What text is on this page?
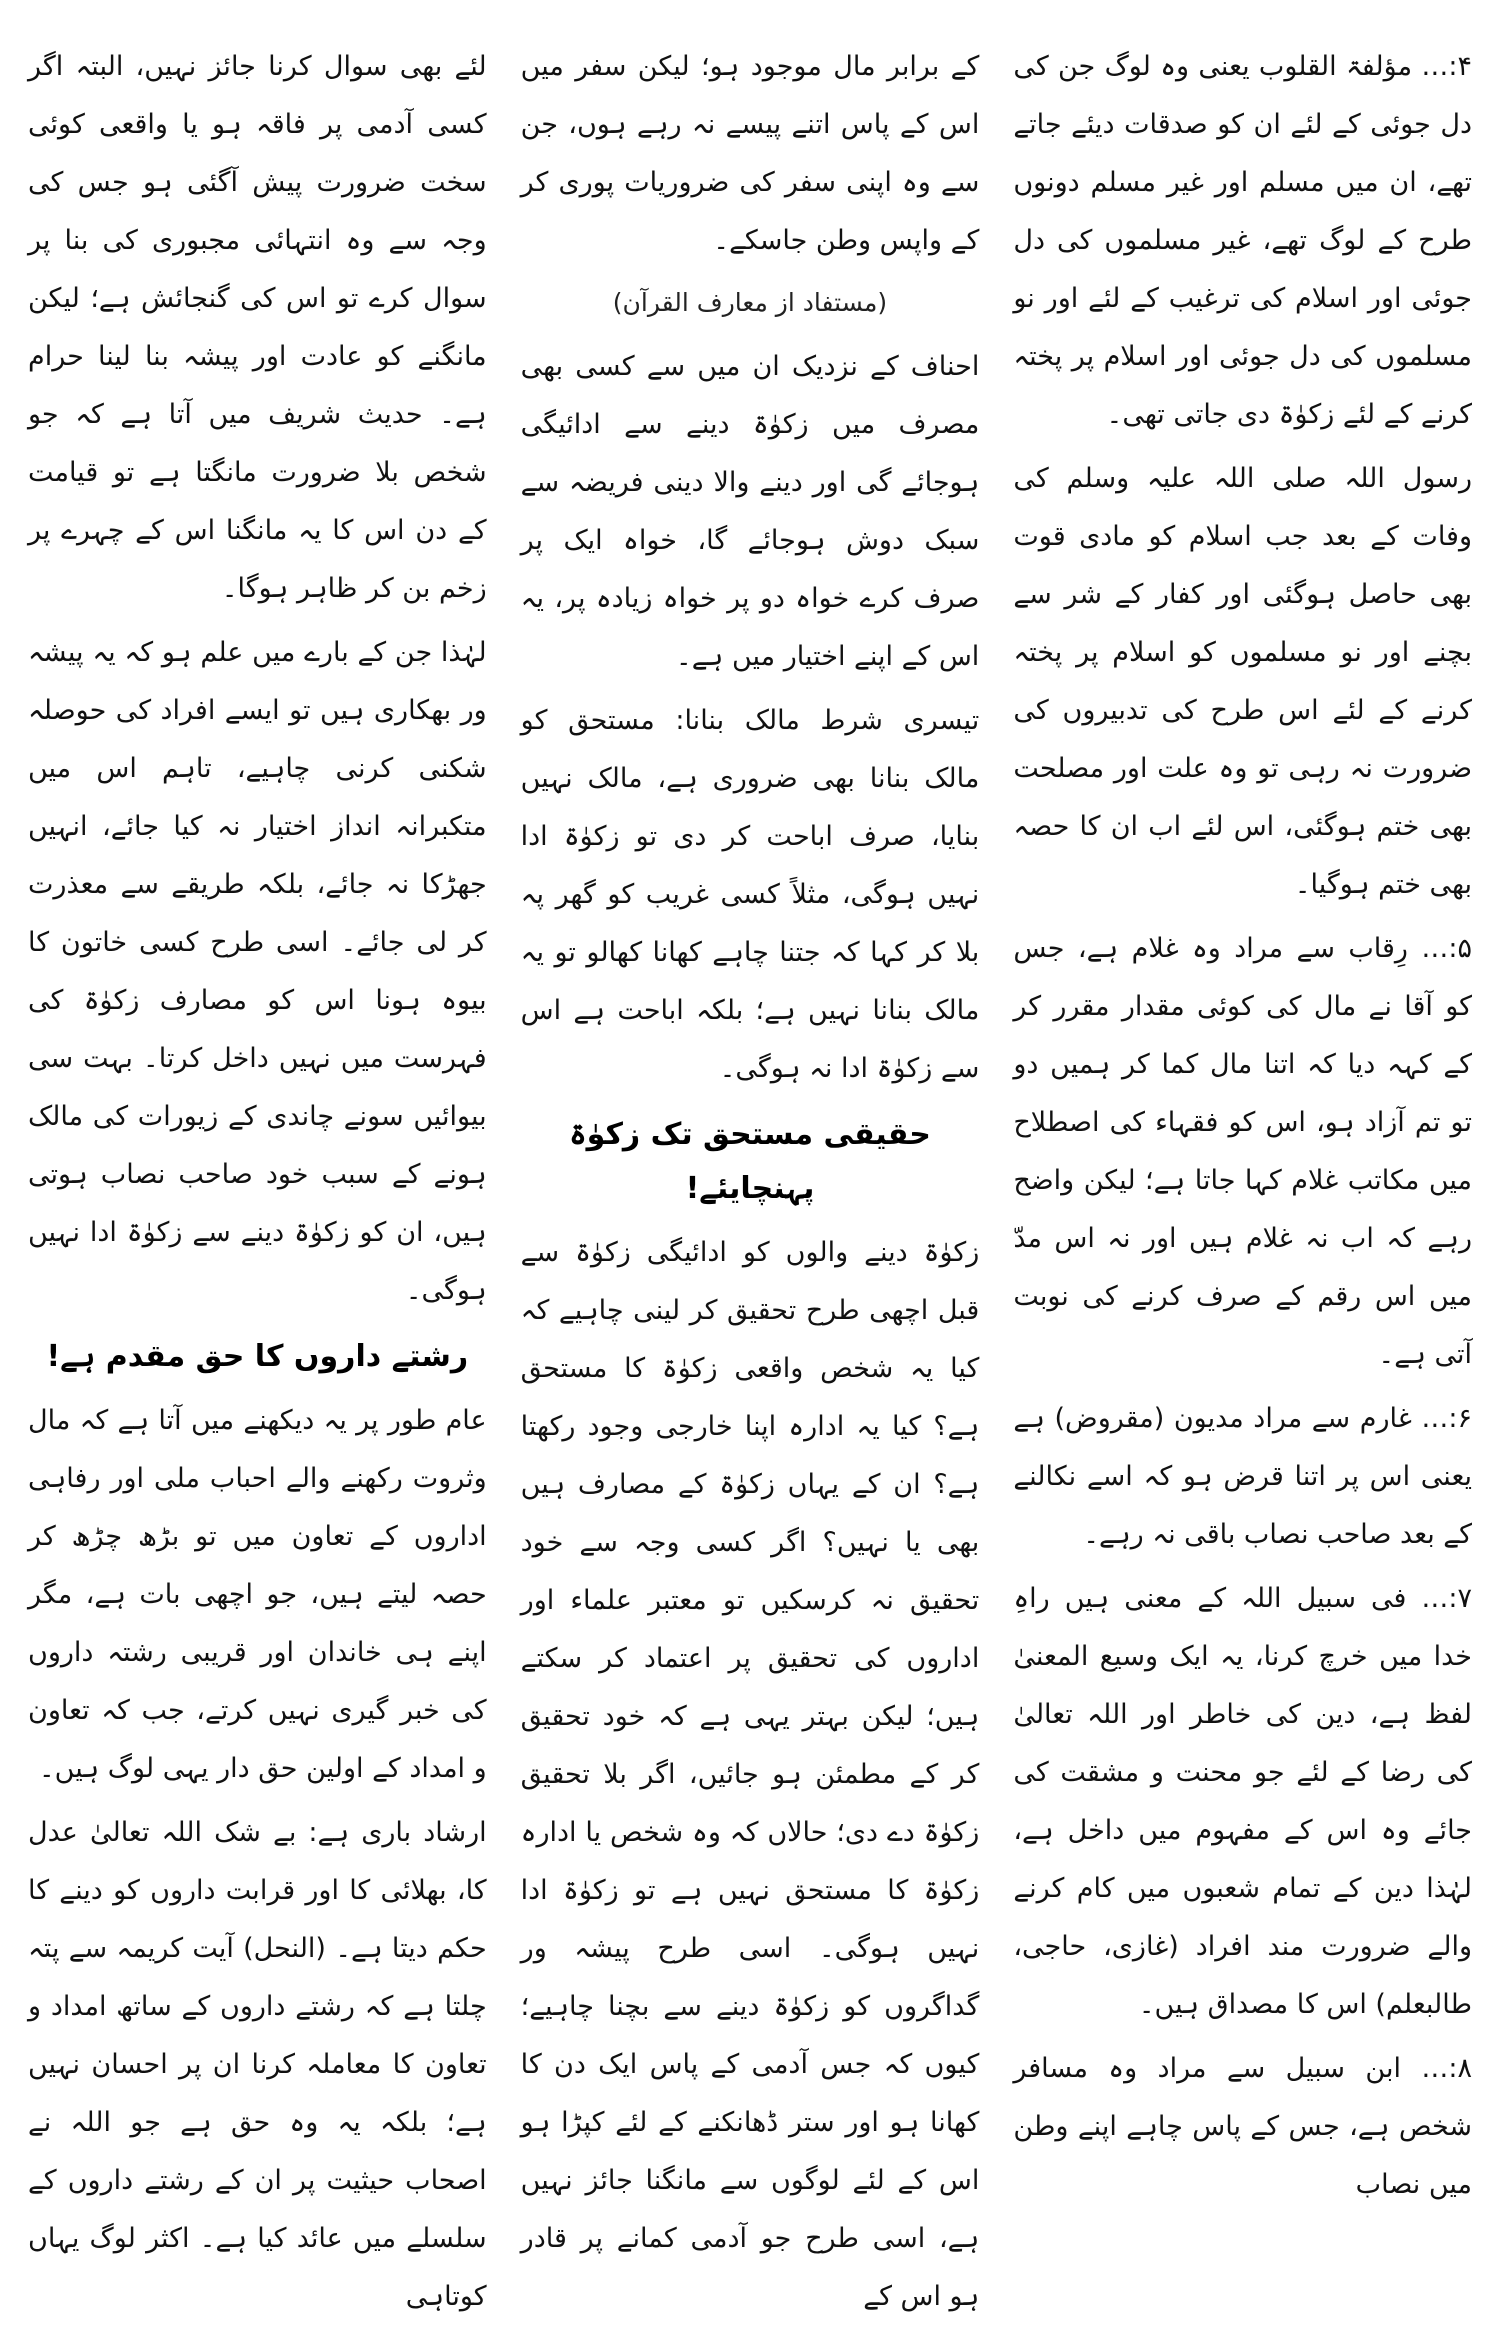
۴:… مؤلفۃ القلوب یعنی وہ لوگ جن کی دل جوئی کے لئے ان کو صدقات دیئے جاتے تھے، ان میں مسلم اور غیر مسلم دونوں طرح کے لوگ تھے، غیر مسلموں کی دل جوئی اور اسلام کی ترغیب کے لئے اور نو مسلموں کی دل جوئی اور اسلام پر پختہ کرنے کے لئے زکوٰۃ دی جاتی تھی۔

رسول اللہ صلی اللہ علیہ وسلم کی وفات کے بعد جب اسلام کو مادی قوت بھی حاصل ہوگئی اور کفار کے شر سے بچنے اور نو مسلموں کو اسلام پر پختہ کرنے کے لئے اس طرح کی تدبیروں کی ضرورت نہ رہی تو وہ علت اور مصلحت بھی ختم ہوگئی، اس لئے اب ان کا حصہ بھی ختم ہوگیا۔

۵:… رِقاب سے مراد وہ غلام ہے، جس کو آقا نے مال کی کوئی مقدار مقرر کر کے کہہ دیا کہ اتنا مال کما کر ہمیں دو تو تم آزاد ہو، اس کو فقہاء کی اصطلاح میں مکاتب غلام کہا جاتا ہے؛ لیکن واضح رہے کہ اب نہ غلام ہیں اور نہ اس مدّ میں اس رقم کے صرف کرنے کی نوبت آتی ہے۔

۶:… غارم سے مراد مدیون (مقروض) ہے یعنی اس پر اتنا قرض ہو کہ اسے نکالنے کے بعد صاحب نصاب باقی نہ رہے۔

۷:… فی سبیل اللہ کے معنی ہیں راہِ خدا میں خرچ کرنا، یہ ایک وسیع المعنیٰ لفظ ہے، دین کی خاطر اور اللہ تعالیٰ کی رضا کے لئے جو محنت و مشقت کی جائے وہ اس کے مفہوم میں داخل ہے، لہٰذا دین کے تمام شعبوں میں کام کرنے والے ضرورت مند افراد (غازی، حاجی، طالبعلم) اس کا مصداق ہیں۔

۸:… ابن سبیل سے مراد وہ مسافر شخص ہے، جس کے پاس چاہے اپنے وطن میں نصاب

کے برابر مال موجود ہو؛ لیکن سفر میں اس کے پاس اتنے پیسے نہ رہے ہوں، جن سے وہ اپنی سفر کی ضروریات پوری کر کے واپس وطن جاسکے۔

(مستفاد از معارف القرآن)

احناف کے نزدیک ان میں سے کسی بھی مصرف میں زکوٰۃ دینے سے ادائیگی ہوجائے گی اور دینے والا دینی فریضہ سے سبک دوش ہوجائے گا، خواہ ایک پر صرف کرے خواہ دو پر خواہ زیادہ پر، یہ اس کے اپنے اختیار میں ہے۔

تیسری شرط مالک بنانا: مستحق کو مالک بنانا بھی ضروری ہے، مالک نہیں بنایا، صرف اباحت کر دی تو زکوٰۃ ادا نہیں ہوگی، مثلاً کسی غریب کو گھر پہ بلا کر کہا کہ جتنا چاہے کھانا کھالو تو یہ مالک بنانا نہیں ہے؛ بلکہ اباحت ہے اس سے زکوٰۃ ادا نہ ہوگی۔

حقیقی مستحق تک زکوٰۃ پہنچایئے!

زکوٰۃ دینے والوں کو ادائیگی زکوٰۃ سے قبل اچھی طرح تحقیق کر لینی چاہیے کہ کیا یہ شخص واقعی زکوٰۃ کا مستحق ہے؟ کیا یہ ادارہ اپنا خارجی وجود رکھتا ہے؟ ان کے یہاں زکوٰۃ کے مصارف ہیں بھی یا نہیں؟ اگر کسی وجہ سے خود تحقیق نہ کرسکیں تو معتبر علماء اور اداروں کی تحقیق پر اعتماد کر سکتے ہیں؛ لیکن بہتر یہی ہے کہ خود تحقیق کر کے مطمئن ہو جائیں، اگر بلا تحقیق زکوٰۃ دے دی؛ حالاں کہ وہ شخص یا ادارہ زکوٰۃ کا مستحق نہیں ہے تو زکوٰۃ ادا نہیں ہوگی۔ اسی طرح پیشہ ور گداگروں کو زکوٰۃ دینے سے بچنا چاہیے؛ کیوں کہ جس آدمی کے پاس ایک دن کا کھانا ہو اور ستر ڈھانکنے کے لئے کپڑا ہو اس کے لئے لوگوں سے مانگنا جائز نہیں ہے، اسی طرح جو آدمی کمانے پر قادر ہو اس کے

لئے بھی سوال کرنا جائز نہیں، البتہ اگر کسی آدمی پر فاقہ ہو یا واقعی کوئی سخت ضرورت پیش آگئی ہو جس کی وجہ سے وہ انتہائی مجبوری کی بنا پر سوال کرے تو اس کی گنجائش ہے؛ لیکن مانگنے کو عادت اور پیشہ بنا لینا حرام ہے۔ حدیث شریف میں آتا ہے کہ جو شخص بلا ضرورت مانگتا ہے تو قیامت کے دن اس کا یہ مانگنا اس کے چہرے پر زخم بن کر ظاہر ہوگا۔

لہٰذا جن کے بارے میں علم ہو کہ یہ پیشہ ور بھکاری ہیں تو ایسے افراد کی حوصلہ شکنی کرنی چاہیے، تاہم اس میں متکبرانہ انداز اختیار نہ کیا جائے، انہیں جھڑکا نہ جائے، بلکہ طریقے سے معذرت کر لی جائے۔ اسی طرح کسی خاتون کا بیوہ ہونا اس کو مصارف زکوٰۃ کی فہرست میں نہیں داخل کرتا۔ بہت سی بیوائیں سونے چاندی کے زیورات کی مالک ہونے کے سبب خود صاحب نصاب ہوتی ہیں، ان کو زکوٰۃ دینے سے زکوٰۃ ادا نہیں ہوگی۔

رشتے داروں کا حق مقدم ہے!

عام طور پر یہ دیکھنے میں آتا ہے کہ مال وثروت رکھنے والے احباب ملی اور رفاہی اداروں کے تعاون میں تو بڑھ چڑھ کر حصہ لیتے ہیں، جو اچھی بات ہے، مگر اپنے ہی خاندان اور قریبی رشتہ داروں کی خبر گیری نہیں کرتے، جب کہ تعاون و امداد کے اولین حق دار یہی لوگ ہیں۔

ارشاد باری ہے: بے شک اللہ تعالیٰ عدل کا، بھلائی کا اور قرابت داروں کو دینے کا حکم دیتا ہے۔ (النحل) آیت کریمہ سے پتہ چلتا ہے کہ رشتے داروں کے ساتھ امداد و تعاون کا معاملہ کرنا ان پر احسان نہیں ہے؛ بلکہ یہ وہ حق ہے جو اللہ نے اصحاب حیثیت پر ان کے رشتے داروں کے سلسلے میں عائد کیا ہے۔ اکثر لوگ یہاں کوتاہی
